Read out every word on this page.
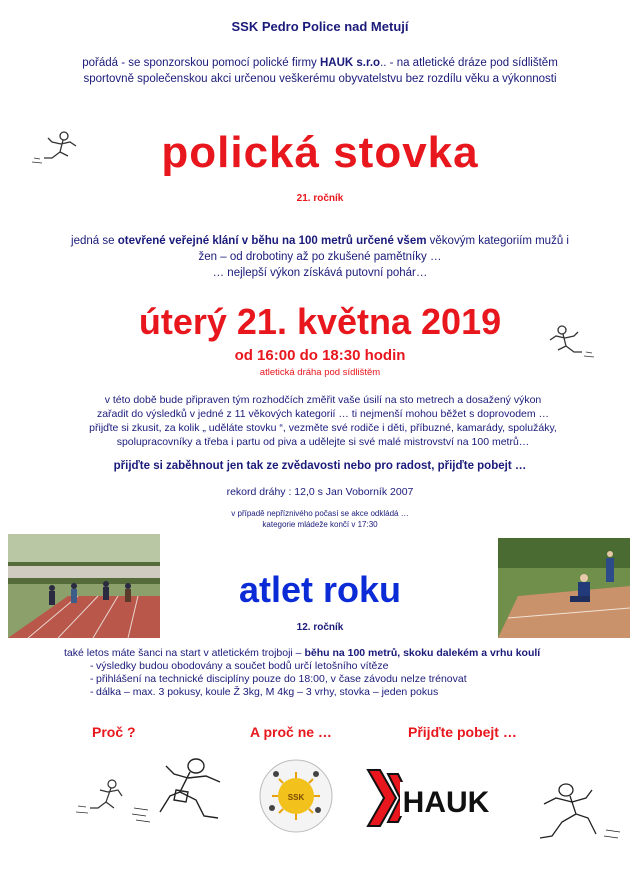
SSK Pedro Police nad Metují
pořádá - se sponzorskou pomocí polické firmy HAUK s.r.o.. - na atletické dráze pod sídlištěm sportovně společenskou akci určenou veškerému obyvatelstvu bez rozdílu věku a výkonnosti
polická stovka
21. ročník
jedná se otevřené veřejné klání v běhu na 100 metrů určené všem věkovým kategoriím mužů i žen – od drobotiny až po zkušené pamětníky …
… nejlepší výkon získává putovní pohár…
úterý 21. května 2019
od 16:00 do 18:30 hodin
atletická dráha pod sídlištěm
v této době bude připraven tým rozhodčích změřit vaše úsilí na sto metrech a dosažený výkon zařadit do výsledků v jedné z 11 věkových kategorií … ti nejmenší mohou běžet s doprovodem … přijďte si zkusit, za kolik „ uděláte stovku “, vezměte své rodiče i děti, příbuzné, kamarády, spolužáky, spolupracovníky a třeba i partu od piva a udělejte si své malé mistrovství na 100 metrů…
přijďte si zaběhnout jen tak ze zvědavosti nebo pro radost, přijďte pobejt …
rekord dráhy : 12,0 s Jan Voborník 2007
v případě nepříznivého počasí se akce odkládá …
kategorie mládeže končí v 17:30
atlet roku
12. ročník
také letos máte šanci na start v atletickém trojboji – běhu na 100 metrů, skoku dalekém a vrhu koulí
- výsledky budou obodovány a součet bodů určí letošního vítěze
- přihlášení na technické disciplíny pouze do 18:00, v čase závodu nelze trénovat
- dálka – max. 3 pokusy, koule Ž 3kg, M 4kg – 3 vrhy, stovka – jeden pokus
Proč ?	A proč ne …	Přijďte pobejt …
SSK	HAUK
